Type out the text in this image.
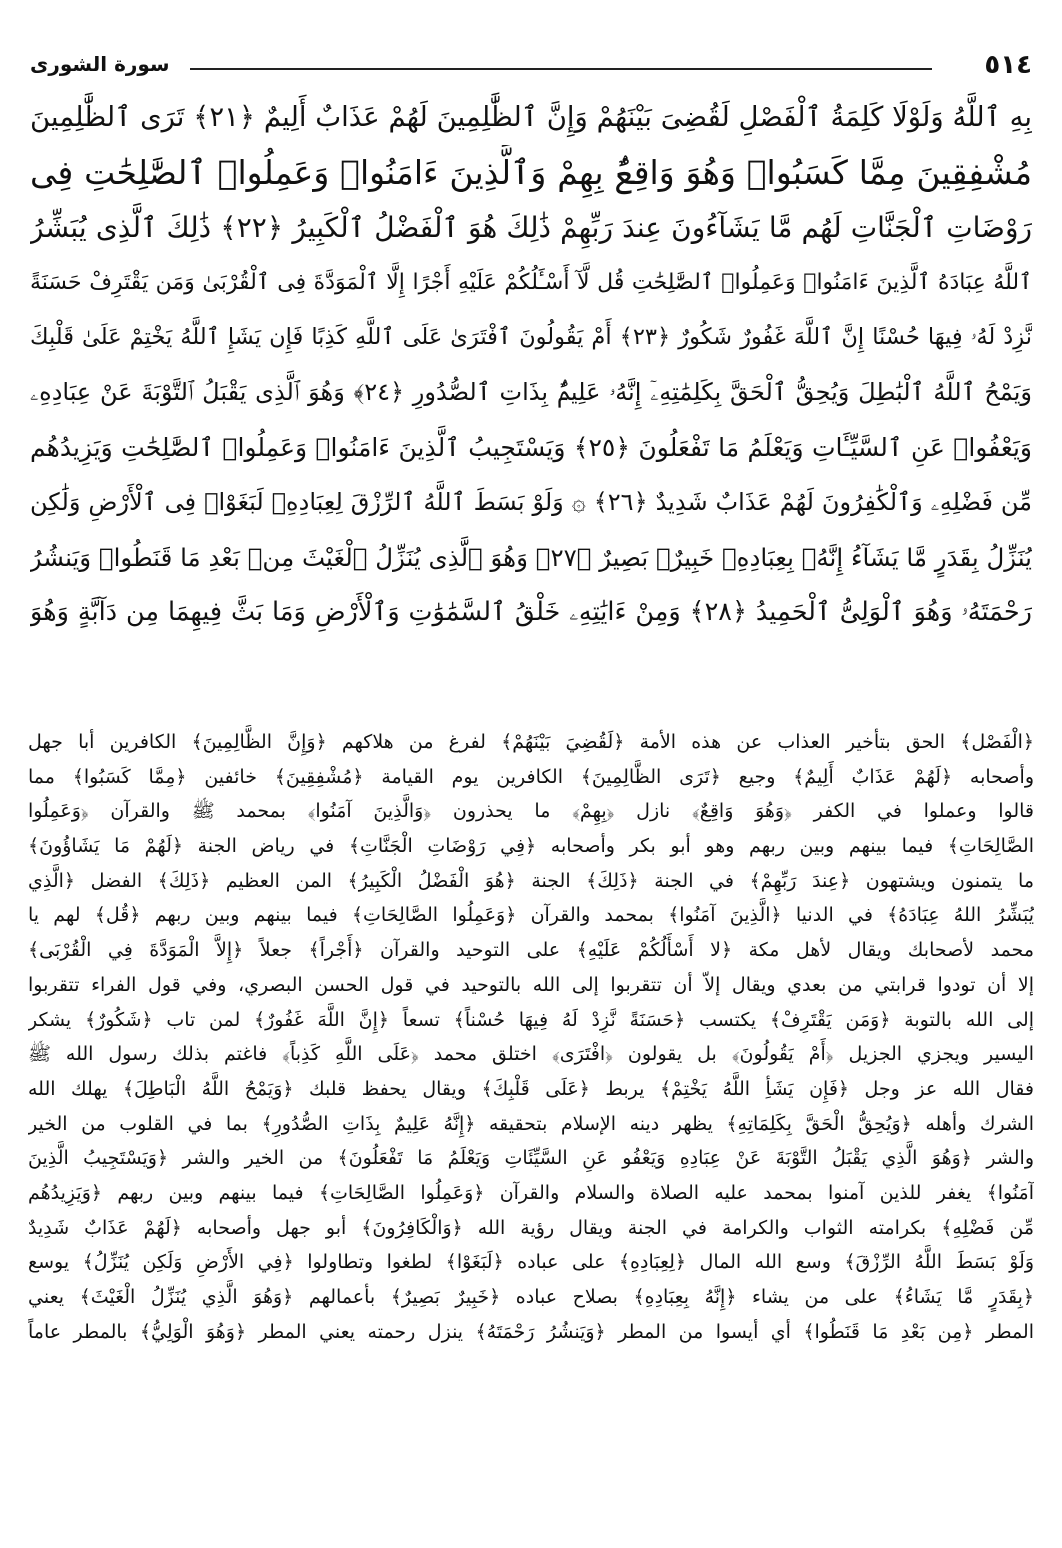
٥١٤
سورة الشورى
بِهِ ٱللَّهُ وَلَوْلَا كَلِمَةُ ٱلْفَصْلِ لَقُضِىَ بَيْنَهُمْ وَإِنَّ ٱلظَّٰلِمِينَ لَهُمْ عَذَابٌ أَلِيمٌ ﴿٢١﴾ تَرَى ٱلظَّٰلِمِينَ
مُشْفِقِينَ مِمَّا كَسَبُوا۟ وَهُوَ وَاقِعٌۢ بِهِمْ وَٱلَّذِينَ ءَامَنُوا۟ وَعَمِلُوا۟ ٱلصَّٰلِحَٰتِ فِى
رَوْضَاتِ ٱلْجَنَّاتِ لَهُم مَّا يَشَآءُونَ عِندَ رَبِّهِمْ ذَٰلِكَ هُوَ ٱلْفَضْلُ ٱلْكَبِيرُ ﴿٢٢﴾ ذَٰلِكَ ٱلَّذِى يُبَشِّرُ
ٱللَّهُ عِبَادَهُ ٱلَّذِينَ ءَامَنُوا۟ وَعَمِلُوا۟ ٱلصَّٰلِحَٰتِ قُل لَّآ أَسْـَٔلُكُمْ عَلَيْهِ أَجْرًا إِلَّا ٱلْمَوَدَّةَ فِى ٱلْقُرْبَىٰ وَمَن يَقْتَرِفْ حَسَنَةً
نَّزِدْ لَهُۥ فِيهَا حُسْنًا إِنَّ ٱللَّهَ غَفُورٌ شَكُورٌ ﴿٢٣﴾ أَمْ يَقُولُونَ ٱفْتَرَىٰ عَلَى ٱللَّهِ كَذِبًا فَإِن يَشَإِ ٱللَّهُ يَخْتِمْ عَلَىٰ قَلْبِكَ
وَيَمْحُ ٱللَّهُ ٱلْبَٰطِلَ وَيُحِقُّ ٱلْحَقَّ بِكَلِمَٰتِهِۦٓ إِنَّهُۥ عَلِيمٌۢ بِذَاتِ ٱلصُّدُورِ ﴿٢٤﴾ وَهُوَ ٱلَّذِى يَقْبَلُ ٱلتَّوْبَةَ عَنْ عِبَادِهِۦ
وَيَعْفُوا۟ عَنِ ٱلسَّيِّـَٔاتِ وَيَعْلَمُ مَا تَفْعَلُونَ ﴿٢٥﴾ وَيَسْتَجِيبُ ٱلَّذِينَ ءَامَنُوا۟ وَعَمِلُوا۟ ٱلصَّٰلِحَٰتِ وَيَزِيدُهُم
مِّن فَضْلِهِۦ وَٱلْكَٰفِرُونَ لَهُمْ عَذَابٌ شَدِيدٌ ﴿٢٦﴾ ۞ وَلَوْ بَسَطَ ٱللَّهُ ٱلرِّزْقَ لِعِبَادِهِۦ لَبَغَوْا۟ فِى ٱلْأَرْضِ وَلَٰكِن
يُنَزِّلُ بِقَدَرٍ مَّا يَشَآءُ إِنَّهُۥ بِعِبَادِهِۦ خَبِيرٌۢ بَصِيرٌ ﴿٢٧﴾ وَهُوَ ٱلَّذِى يُنَزِّلُ ٱلْغَيْثَ مِنۢ بَعْدِ مَا قَنَطُوا۟ وَيَنشُرُ
رَحْمَتَهُۥ وَهُوَ ٱلْوَلِىُّ ٱلْحَمِيدُ ﴿٢٨﴾ وَمِنْ ءَايَٰتِهِۦ خَلْقُ ٱلسَّمَٰوَٰتِ وَٱلْأَرْضِ وَمَا بَثَّ فِيهِمَا مِن دَآبَّةٍ وَهُوَ
﴿الْفَصْل﴾ الحق بتأخير العذاب عن هذه الأمة ﴿لَقُضِيَ بَيْنَهُمْ﴾ لفرغ من هلاكهم ﴿وَإِنَّ الظَّالِمِينَ﴾ الكافرين أبا جهل
وأصحابه ﴿لَهُمْ عَذَابٌ أَلِيمٌ﴾ وجيع ﴿تَرَى الظَّالِمِينَ﴾ الكافرين يوم القيامة ﴿مُشْفِقِينَ﴾ خائفين ﴿مِمَّا كَسَبُوا﴾ مما
قالوا وعملوا في الكفر ﴿وَهُوَ وَاقِعٌ﴾ نازل ﴿بِهِمْ﴾ ما يحذرون ﴿وَالَّذِينَ آمَنُوا﴾ بمحمد ﷺ والقرآن ﴿وَعَمِلُوا
الصَّالِحَاتِ﴾ فيما بينهم وبين ربهم وهو أبو بكر وأصحابه ﴿فِي رَوْضَاتِ الْجَنَّاتِ﴾ في رياض الجنة ﴿لَهُمْ مَا يَشَاؤُونَ﴾
ما يتمنون ويشتهون ﴿عِندَ رَبِّهِمْ﴾ في الجنة ﴿ذَلِكَ﴾ الجنة ﴿هُوَ الْفَضْلُ الْكَبِيرُ﴾ المن العظيم ﴿ذَلِكَ﴾ الفضل ﴿الَّذِي
يُبَشِّرُ اللهُ عِبَادَهُ﴾ في الدنيا ﴿الَّذِينَ آمَنُوا﴾ بمحمد والقرآن ﴿وَعَمِلُوا الصَّالِحَاتِ﴾ فيما بينهم وبين ربهم ﴿قُل﴾ لهم يا
محمد لأصحابك ويقال لأهل مكة ﴿لا أَسْأَلُكُمْ عَلَيْهِ﴾ على التوحيد والقرآن ﴿أَجْراً﴾ جعلاً ﴿إِلاَّ الْمَوَدَّةَ فِي الْقُرْبَى﴾
إلا أن تودوا قرابتي من بعدي ويقال إلاّ أن تتقربوا إلى الله بالتوحيد في قول الحسن البصري، وفي قول الفراء تتقربوا
إلى الله بالتوبة ﴿وَمَن يَقْتَرِفْ﴾ يكتسب ﴿حَسَنَةً نَّزِدْ لَهُ فِيهَا حُسْناً﴾ تسعاً ﴿إِنَّ اللَّهَ غَفُورٌ﴾ لمن تاب ﴿شَكُورٌ﴾ يشكر
اليسير ويجزي الجزيل ﴿أَمْ يَقُولُونَ﴾ بل يقولون ﴿افْتَرَى﴾ اختلق محمد ﴿عَلَى اللَّهِ كَذِباً﴾ فاغتم بذلك رسول الله ﷺ
فقال الله عز وجل ﴿فَإِن يَشَأِ اللَّهُ يَخْتِمْ﴾ يربط ﴿عَلَى قَلْبِكَ﴾ ويقال يحفظ قلبك ﴿وَيَمْحُ اللَّهُ الْبَاطِلَ﴾ يهلك الله
الشرك وأهله ﴿وَيُحِقُّ الْحَقَّ بِكَلِمَاتِهِ﴾ يظهر دينه الإسلام بتحقيقه ﴿إِنَّهُ عَلِيمٌ بِذَاتِ الصُّدُورِ﴾ بما في القلوب من الخير
والشر ﴿وَهُوَ الَّذِي يَقْبَلُ التَّوْبَةَ عَنْ عِبَادِهِ وَيَعْفُو عَنِ السَّيِّئَاتِ وَيَعْلَمُ مَا تَفْعَلُونَ﴾ من الخير والشر ﴿وَيَسْتَجِيبُ الَّذِينَ
آمَنُوا﴾ يغفر للذين آمنوا بمحمد عليه الصلاة والسلام والقرآن ﴿وَعَمِلُوا الصَّالِحَاتِ﴾ فيما بينهم وبين ربهم ﴿وَيَزِيدُهُم
مِّن فَضْلِهِ﴾ بكرامته الثواب والكرامة في الجنة ويقال رؤية الله ﴿وَالْكَافِرُونَ﴾ أبو جهل وأصحابه ﴿لَهُمْ عَذَابٌ شَدِيدٌ
وَلَوْ بَسَطَ اللَّهُ الرِّزْقَ﴾ وسع الله المال ﴿لِعِبَادِهِ﴾ على عباده ﴿لَبَغَوْا﴾ لطغوا وتطاولوا ﴿فِي الأَرْضِ وَلَكِن يُنَزِّلُ﴾ يوسع
﴿بِقَدَرٍ مَّا يَشَاءُ﴾ على من يشاء ﴿إِنَّهُ بِعِبَادِهِ﴾ بصلاح عباده ﴿خَبِيرٌ بَصِيرٌ﴾ بأعمالهم ﴿وَهُوَ الَّذِي يُنَزِّلُ الْغَيْثَ﴾ يعني
المطر ﴿مِن بَعْدِ مَا قَنَطُوا﴾ أي أيسوا من المطر ﴿وَيَنشُرُ رَحْمَتَهُ﴾ ينزل رحمته يعني المطر ﴿وَهُوَ الْوَلِيُّ﴾ بالمطر عاماً
